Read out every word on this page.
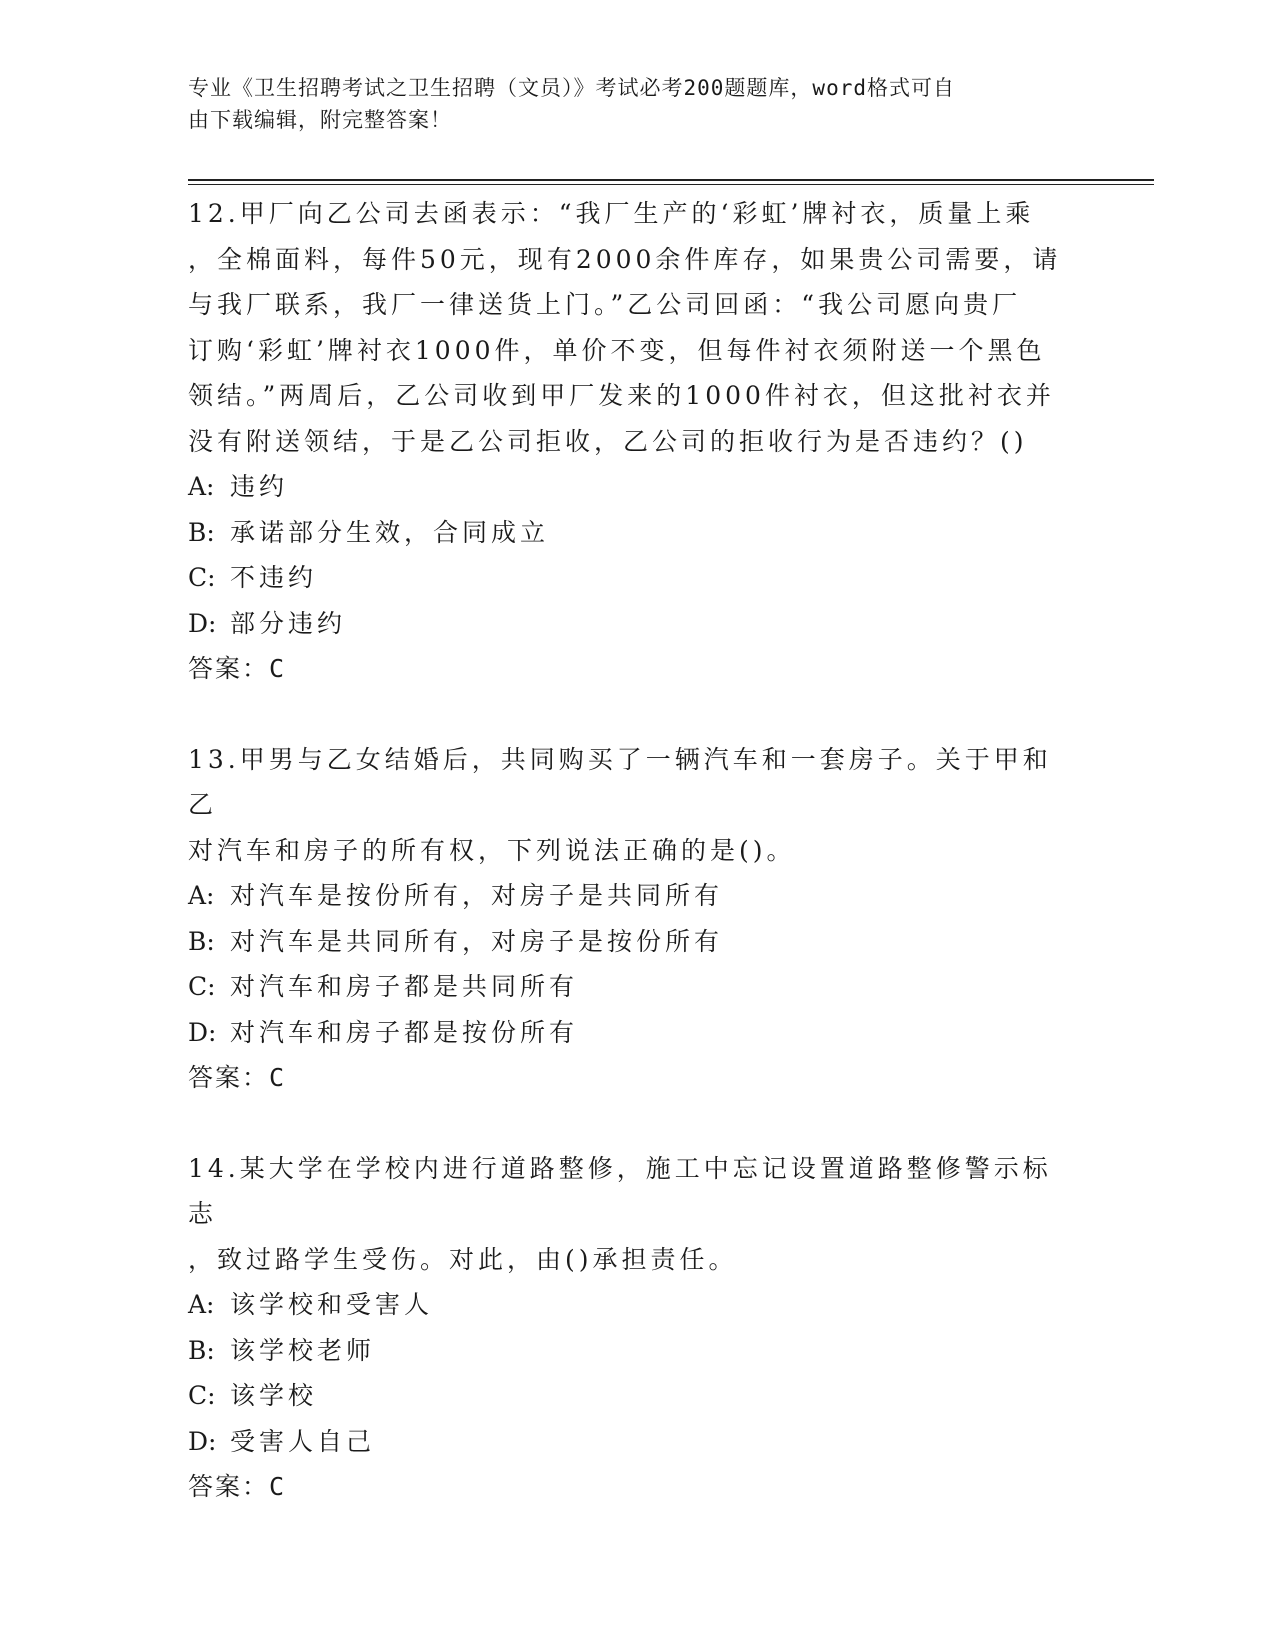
专业《卫生招聘考试之卫生招聘（文员）》考试必考200题题库，word格式可自
由下载编辑，附完整答案！
12.甲厂向乙公司去函表示：“我厂生产的‘彩虹’牌衬衣，质量上乘
，全棉面料，每件50元，现有2000余件库存，如果贵公司需要，请
与我厂联系，我厂一律送货上门。”乙公司回函：“我公司愿向贵厂
订购‘彩虹’牌衬衣1000件，单价不变，但每件衬衣须附送一个黑色
领结。”两周后，乙公司收到甲厂发来的1000件衬衣，但这批衬衣并
没有附送领结，于是乙公司拒收，乙公司的拒收行为是否违约？()
A: 违约
B: 承诺部分生效，合同成立
C: 不违约
D: 部分违约
答案：C
13.甲男与乙女结婚后，共同购买了一辆汽车和一套房子。关于甲和乙
对汽车和房子的所有权，下列说法正确的是()。
A: 对汽车是按份所有，对房子是共同所有
B: 对汽车是共同所有，对房子是按份所有
C: 对汽车和房子都是共同所有
D: 对汽车和房子都是按份所有
答案：C
14.某大学在学校内进行道路整修，施工中忘记设置道路整修警示标志
，致过路学生受伤。对此，由()承担责任。
A: 该学校和受害人
B: 该学校老师
C: 该学校
D: 受害人自己
答案：C
